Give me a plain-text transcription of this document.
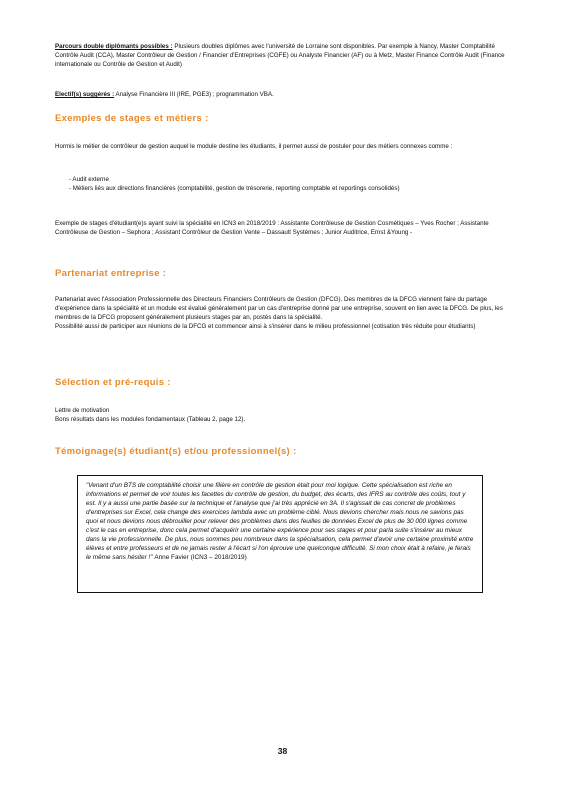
Parcours double diplômants possibles : Plusieurs doubles diplômes avec l'université de Lorraine sont disponibles. Par exemple à Nancy, Master Comptabilité Contrôle Audit (CCA), Master Contrôleur de Gestion / Financier d'Entreprises (CGFE) ou Analyste Financier (AF) ou à Metz, Master Finance Contrôle Audit (Finance internationale ou Contrôle de Gestion et Audit)
Electif(s) suggérés : Analyse Financière III (IRE, PGE3) ; programmation VBA.
Exemples de stages et métiers :
Hormis le métier de contrôleur de gestion auquel le module destine les étudiants, il permet aussi de postuler pour des métiers connexes comme :
- Audit externe
- Métiers liés aux directions financières (comptabilité, gestion de trésorerie, reporting comptable et reportings consolidés)
Exemple de stages d'étudiant(e)s ayant suivi la spécialité en ICN3 en 2018/2019 : Assistante Contrôleuse de Gestion Cosmétiques – Yves Rocher ; Assistante Contrôleuse de Gestion – Sephora ; Assistant Contrôleur de Gestion Vente – Dassault Systèmes ; Junior Auditrice, Ernst &Young -
Partenariat entreprise :

Partenariat avec l'Association Professionnelle des Directeurs Financiers Contrôleurs de Gestion (DFCG). Des membres de la DFCG viennent faire du partage d'expérience dans la spécialité et un module est évalué généralement par un cas d'entreprise donné par une entreprise, souvent en lien avec la DFCG. De plus, les membres de la DFCG proposent généralement plusieurs stages par an, postés dans la spécialité.

Possibilité aussi de participer aux réunions de la DFCG et commencer ainsi à s'insérer dans le milieu professionnel (cotisation très réduite pour étudiants)

Sélection et pré-requis :

Lettre de motivation

Bons résultats dans les modules fondamentaux (Tableau 2, page 12).

Témoignage(s) étudiant(s) et/ou professionnel(s) :

"Venant d'un BTS de comptabilité choisir une filière en contrôle de gestion était pour moi logique. Cette spécialisation est riche en informations et permet de voir toutes les facettes du contrôle de gestion, du budget, des écarts, des IFRS au contrôle des coûts, tout y est. Il y a aussi une partie basée sur la technique et l'analyse que j'ai très apprécié en 3A. Il s'agissait de cas concret de problèmes d'entreprises sur Excel, cela change des exercices lambda avec un problème ciblé. Nous devions chercher mais nous ne savions pas quoi et nous devions nous débrouiller pour relever des problèmes dans des feuilles de données Excel de plus de 30 000 lignes comme c'est le cas en entreprise, donc cela permet d'acquérir une certaine expérience pour ses stages et pour parla suite s'insérer au mieux dans la vie professionnelle. De plus, nous sommes peu nombreux dans la spécialisation, cela permet d'avoir une certaine proximité entre élèves et entre professeurs et de ne jamais rester à l'écart si l'on éprouve une quelconque difficulté. Si mon choix était à refaire, je ferais le même sans hésiter !" Anne Favier (ICN3 – 2018/2019)

38
